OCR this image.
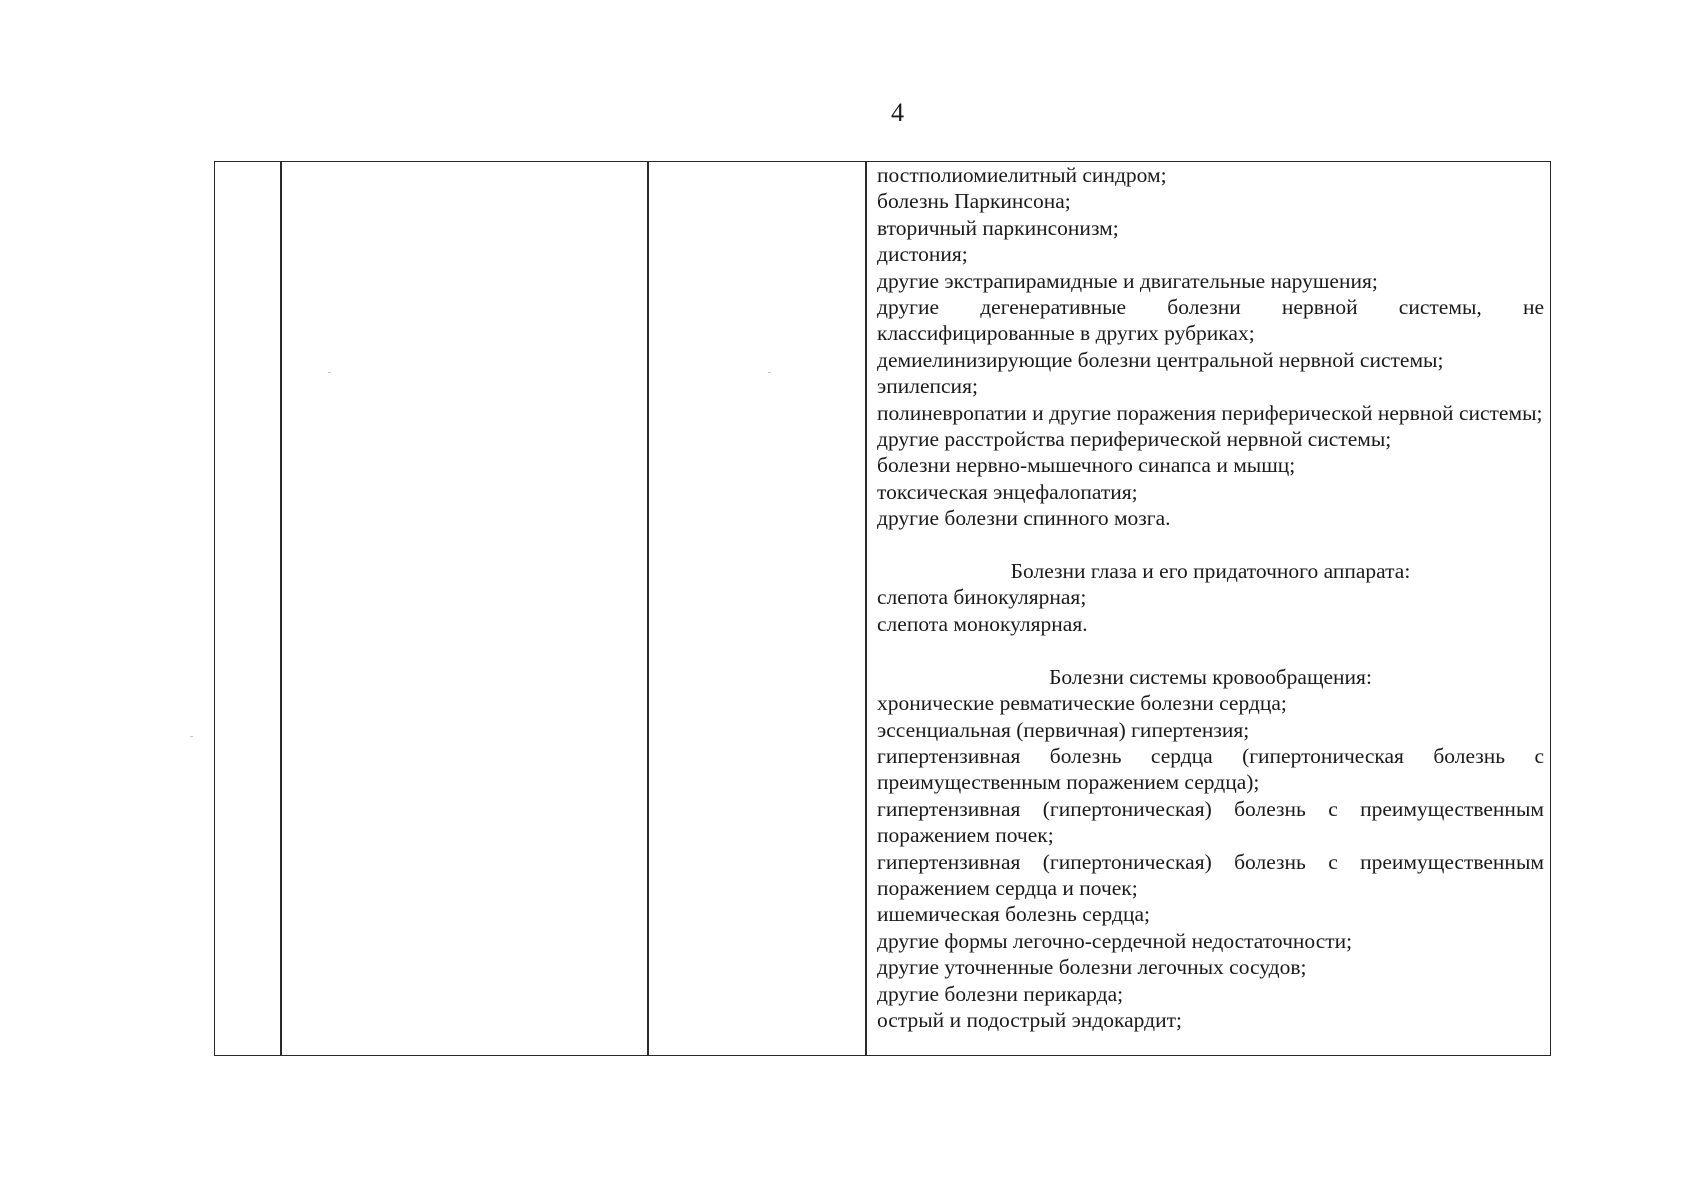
4
постполиомиелитный синдром;
болезнь Паркинсона;
вторичный паркинсонизм;
дистония;
другие экстрапирамидные и двигательные нарушения;
другие дегенеративные болезни нервной системы, не классифицированные в других рубриках;
демиелинизирующие болезни центральной нервной системы;
эпилепсия;
полиневропатии и другие поражения периферической нервной системы;
другие расстройства периферической нервной системы;
болезни нервно-мышечного синапса и мышц;
токсическая энцефалопатия;
другие болезни спинного мозга.
Болезни глаза и его придаточного аппарата:
слепота бинокулярная;
слепота монокулярная.
Болезни системы кровообращения:
хронические ревматические болезни сердца;
эссенциальная (первичная) гипертензия;
гипертензивная болезнь сердца (гипертоническая болезнь с преимущественным поражением сердца);
гипертензивная (гипертоническая) болезнь с преимущественным поражением почек;
гипертензивная (гипертоническая) болезнь с преимущественным поражением сердца и почек;
ишемическая болезнь сердца;
другие формы легочно-сердечной недостаточности;
другие уточненные болезни легочных сосудов;
другие болезни перикарда;
острый и подострый эндокардит;
